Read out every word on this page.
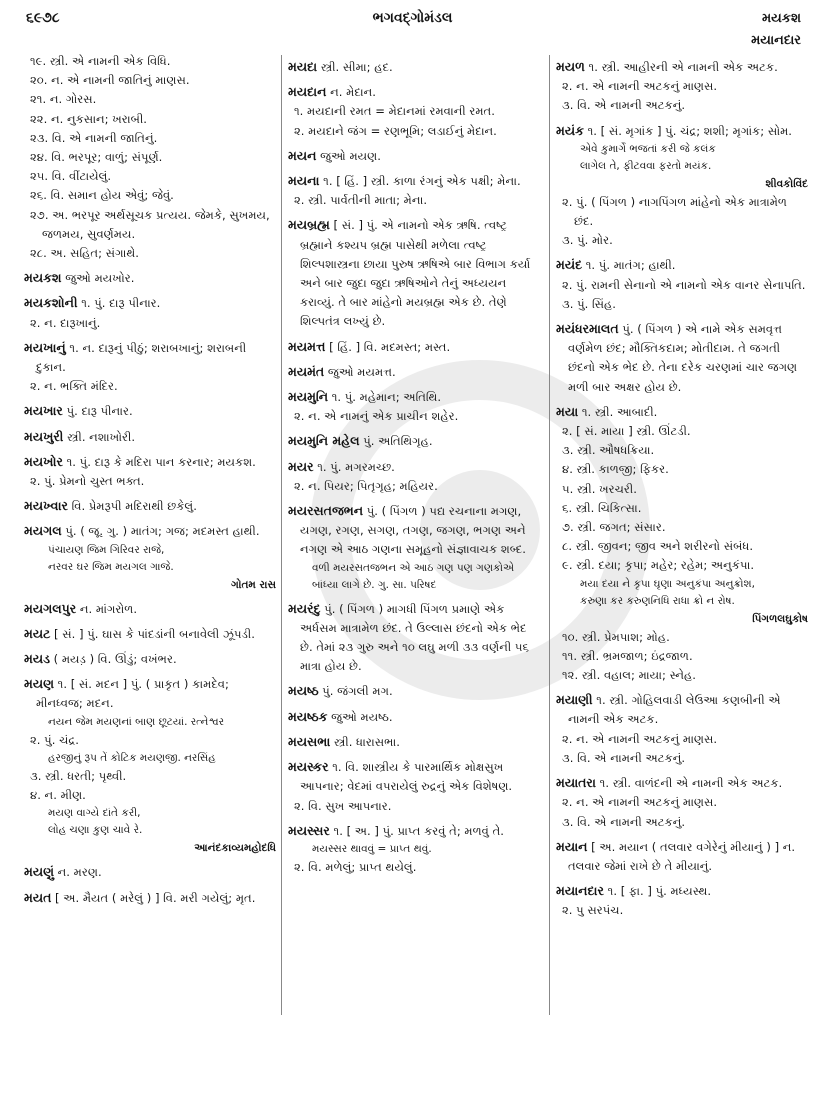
૬૯૭૮	ભગવદ્ગોમંડલ	મયકશ
મયાનદાર
૧૯. સ્ત્રી. એ નામની એક વિધિ.
૨૦. ન. એ નામની જાતિનું માણસ.
૨૧. ન. ગોરસ.
૨૨. ન. નુકસાન; ખરાબી.
૨૩. વિ. એ નામની જાતિનું.
૨૪. વિ. ભરપૂર; વાળું; સંપૂર્ણ.
૨૫. વિ. વીંટાયેલું.
૨૬. વિ. સમાન હોય એવું; જેવું.
૨૭. અ. ભરપૂર અર્થસૂચક પ્રત્યય. જેમકે, સુખમય, જળમય, સુવર્ણમય.
૨૮. અ. સહિત; સંગાથે.
મયકશ જુઓ મયખોર.
મયકશોની ૧. પું. દારૂ પીનાર.
૨. ન. દારૂખાનું.
મયખાનું ૧. ન. દારૂનું પીઠું; શરાબખાનું; શરાબની દુકાન.
૨. ન. ભક્તિ મંદિર.
મયખાર પું. દારૂ પીનાર.
મયખુરી સ્ત્રી. નશાખોરી.
મયખોર ૧. પું. દારૂ કે મદિરા પાન કરનાર; મયકશ.
૨. પું. પ્રેમનો ચુસ્ત ભક્ત.
મયખ્વાર વિ. પ્રેમરૂપી મદિરાથી છકેલું.
મયગલ પું. ( જૂ. ગુ. ) માતંગ; ગજ; મદમસ્ત હાથી.
પંચાયણ જિમ ગિરિવર રાજે,
નરવર ઘર જિમ મયગલ ગાજે.
ગોતમ રાસ
મયગલપુર ન. માંગરોળ.
મયટ [ સં. ] પું. ઘાસ કે પાંદડાંની બનાવેલી ઝૂંપડી.
મયડ ( મયડ઼ ) વિ. ઊંડું; વખંભર.
મયણ ૧. [ સં. મદન ] પું. ( પ્રાકૃત ) કામદેવ; મીનધ્વજ; મદન.
નયન જેમ મયણનાં બાણ છૂટયાં. રત્નેશ્વર
૨. પું. ચંદ્ર.
હરજીનું રૂપ તેં કોટિક મયણજી. નરસિંહ
૩. સ્ત્રી. ધરતી; પૃથ્વી.
૪. ન. મીણ.
મયણ વાગ્યે દાંતે કરી,
લોહ ચણા કુણ ચાવે રે.
આનંદકાવ્યમહોદધિ
મયણું ન. મરણ.
મયત [ અ. મૈયત ( મરેલું ) ] વિ. મરી ગયેલું; મૃત.
મયદા સ્ત્રી. સીમા; હદ.
મયદાન ન. મેદાન.
૧. મયદાની રમત = મેદાનમાં રમવાની રમત.
૨. મયદાને જંગ = રણભૂમિ; લડાઈનું મેદાન.
મયન જુઓ મયણ.
મયના ૧. [ હિં. ] સ્ત્રી. કાળા રંગનું એક પક્ષી; મેના.
૨. સ્ત્રી. પાર્વતીની માતા; મેના.
મયબ્રહ્મ [ સં. ] પું. એ નામનો એક ઋષિ. ત્વષ્ટ્ર બ્રહ્માને કશ્યપ બ્રહ્મ પાસેથી મળેલા ત્વષ્ટ્ર શિલ્પશાસ્ત્રના છાયા પુરુષ ઋષિએ બાર વિભાગ કર્યા અને બાર જુદા જુદા ઋષિઓને તેનું અધ્યયન કરાવ્યું. તે બાર માંહેનો મયબ્રહ્મ એક છે. તેણે શિલ્પતંત્ર લખ્યું છે.
મયમત્ત [ હિં. ] વિ. મદમસ્ત; મસ્ત.
મયમંત જુઓ મયમત્ત.
મયમુનિ ૧. પું. મહેમાન; અતિથિ.
૨. ન. એ નામનું એક પ્રાચીન શહેર.
મયમુનિ મહેલ પું. અતિથિગૃહ.
મયર ૧. પું. મગરમચ્છ.
૨. ન. પિયર; પિતૃગૃહ; મહિયર.
મયરસતજભન પું. ( પિંગળ ) પદ્ય રચનાના મગણ, યગણ, રગણ, સગણ, તગણ, જગણ, ભગણ અને નગણ એ આઠ ગણના સમૂહનો સંજ્ઞાવાચક શબ્દ.
વળી મયરસતજભન એ આઠ ગણ પણ ગણકોએ બાંધ્યા લાગે છે. ગુ. સા. પરિષદ
મયરંદુ પું. ( પિંગળ ) માગધી પિંગળ પ્રમાણે એક અર્ધસમ માત્રામેળ છંદ. તે ઉલ્લાસ છંદનો એક ભેદ છે. તેમાં ૨૩ ગુરુ અને ૧૦ લઘુ મળી ૩૩ વર્ણની ૫૬ માત્રા હોય છે.
મયષ્ઠ પું. જંગલી મગ.
મયષ્ઠક જુઓ મયષ્ઠ.
મયસભા સ્ત્રી. ધારાસભા.
મયસ્કર ૧. વિ. શાસ્ત્રીય કે પારમાર્થિક મોક્ષસુખ આપનાર; વેદમાં વપરાયેલું રુદ્રનું એક વિશેષણ.
૨. વિ. સુખ આપનાર.
મયસ્સર ૧. [ અ. ] પું. પ્રાપ્ત કરવું તે; મળવું તે.
મયસ્સર થાવવું = પ્રાપ્ત થવું.
૨. વિ. મળેલું; પ્રાપ્ત થયેલું.
મયળ ૧. સ્ત્રી. આહીરની એ નામની એક અટક.
૨. ન. એ નામની અટકનું માણસ.
૩. વિ. એ નામની અટકનું.
મયંક ૧. [ સં. મૃગાંક ] પું. ચંદ્ર; શશી; મૃગાંક; સોમ.
એવે કુમાર્ગે ભજતાં કરી જે કલંક
લાગેલ તે, ફીટવવા ફરતો મયંક.
શીવકોવિંદ
૨. પું. ( પિંગળ ) નાગપિંગળ માંહેનો એક માત્રામેળ છંદ.
૩. પું. મોર.
મયંદ ૧. પું. માતંગ; હાથી.
૨. પું. રામની સેનાનો એ નામનો એક વાનર સેનાપતિ.
૩. પું. સિંહ.
મયંધરમાલત પું. ( પિંગળ ) એ નામે એક સમવૃત્ત વર્ણમેળ છંદ; મૌક્તિકદામ; મોતીદામ. તે જગતી છંદનો એક ભેદ છે. તેના દરેક ચરણમાં ચાર જગણ મળી બાર અક્ષર હોય છે.
મયા ૧. સ્ત્રી. આબાદી.
૨. [ સં. માયા ] સ્ત્રી. ઊંટડી.
૩. સ્ત્રી. ઔષધક્રિયા.
૪. સ્ત્રી. કાળજી; ફિકર.
૫. સ્ત્રી. ખરચરી.
૬. સ્ત્રી. ચિકિત્સા.
૭. સ્ત્રી. જગત; સંસાર.
૮. સ્ત્રી. જીવન; જીવ અને શરીરનો સંબંધ.
૯. સ્ત્રી. દયા; કૃપા; મહેર; રહેમ; અનુકંપા.
મયા દયા ને કૃપા ઘૃણા અનુકંપા અનુક્રોશ,
કરુણા કર કરુણનિધિ રાધા ક્રો ન રોષ.
પિંગળલઘુકોષ
૧૦. સ્ત્રી. પ્રેમપાશ; મોહ.
૧૧. સ્ત્રી. ભ્રમજાળ; ઇંદ્રજાળ.
૧૨. સ્ત્રી. વહાલ; માયા; સ્નેહ.
મયાણી ૧. સ્ત્રી. ગોહિલવાડી લેઉઆ કણબીની એ નામની એક અટક.
૨. ન. એ નામની અટકનું માણસ.
૩. વિ. એ નામની અટકનું.
મયાતરા ૧. સ્ત્રી. વાળંદની એ નામની એક અટક.
૨. ન. એ નામની અટકનું માણસ.
૩. વિ. એ નામની અટકનું.
મયાન [ અ. મયાન ( તલવાર વગેરેનું મીયાનું ) ] ન. તલવાર જેમાં રાખે છે તે મીયાનું.
મયાનદાર ૧. [ ફા. ] પું. મધ્યસ્થ.
૨. પુ સરપંચ.
